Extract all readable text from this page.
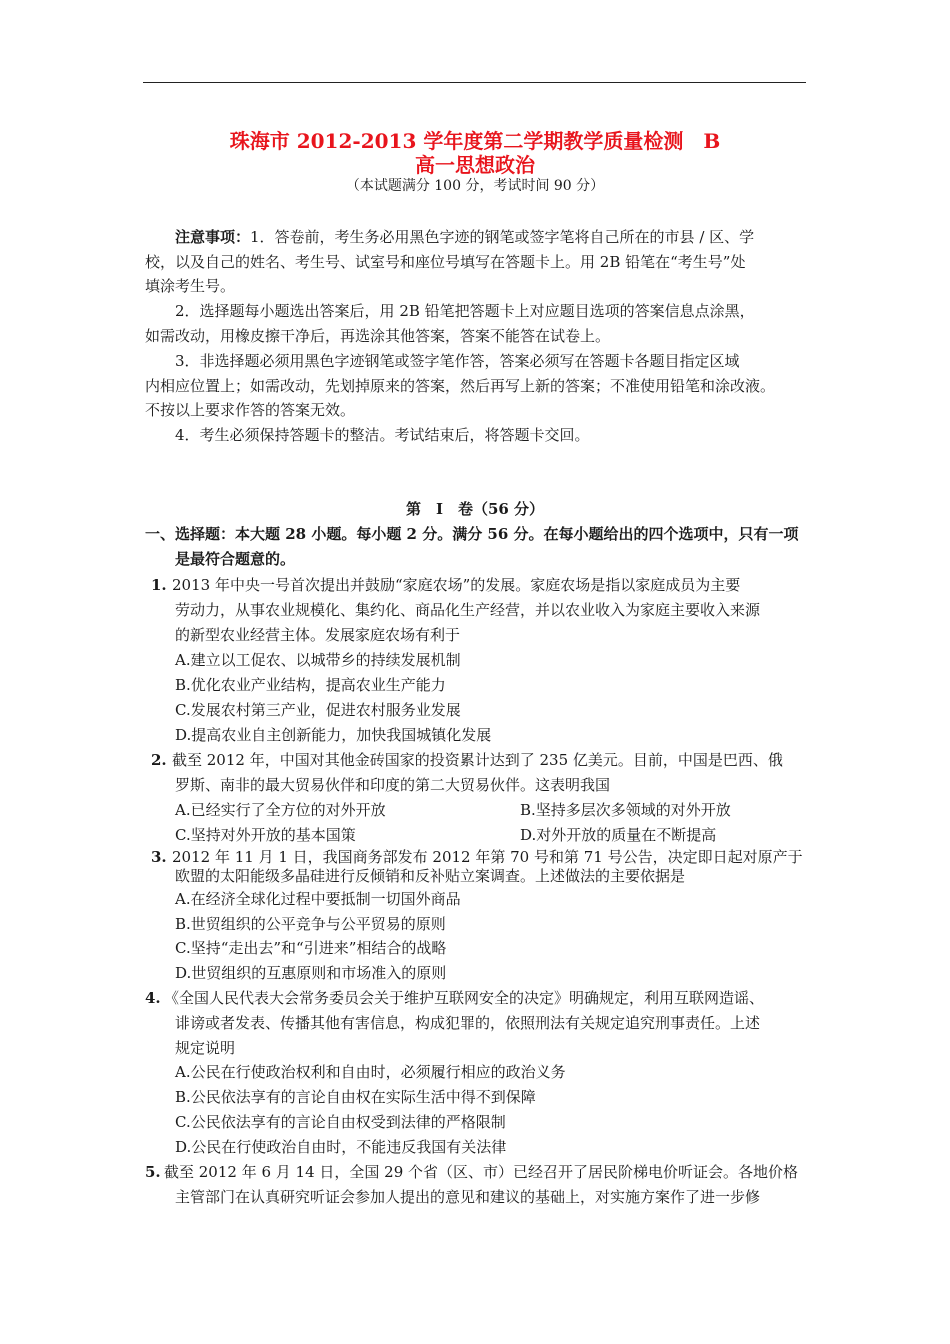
珠海市 2012-2013 学年度第二学期教学质量检测　B
高一思想政治
（本试题满分 100 分，考试时间 90 分）
注意事项：1．答卷前，考生务必用黑色字迹的钢笔或签字笔将自己所在的市县 / 区、学
校，以及自己的姓名、考生号、试室号和座位号填写在答题卡上。用 2B 铅笔在“考生号”处
填涂考生号。
2．选择题每小题选出答案后，用 2B 铅笔把答题卡上对应题目选项的答案信息点涂黑，
如需改动，用橡皮擦干净后，再选涂其他答案，答案不能答在试卷上。
3．非选择题必须用黑色字迹钢笔或签字笔作答，答案必须写在答题卡各题目指定区域
内相应位置上；如需改动，先划掉原来的答案，然后再写上新的答案；不准使用铅笔和涂改液。
不按以上要求作答的答案无效。
4．考生必须保持答题卡的整洁。考试结束后，将答题卡交回。
第　Ⅰ　卷（56 分）
一、选择题：本大题 28 小题。每小题 2 分。满分 56 分。在每小题给出的四个选项中，只有一项
是最符合题意的。
1. 2013 年中央一号首次提出并鼓励“家庭农场”的发展。家庭农场是指以家庭成员为主要
劳动力，从事农业规模化、集约化、商品化生产经营，并以农业收入为家庭主要收入来源
的新型农业经营主体。发展家庭农场有利于
A.建立以工促农、以城带乡的持续发展机制
B.优化农业产业结构，提高农业生产能力
C.发展农村第三产业，促进农村服务业发展
D.提高农业自主创新能力，加快我国城镇化发展
2. 截至 2012 年，中国对其他金砖国家的投资累计达到了 235 亿美元。目前，中国是巴西、俄
罗斯、南非的最大贸易伙伴和印度的第二大贸易伙伴。这表明我国
A.已经实行了全方位的对外开放	B.坚持多层次多领域的对外开放
C.坚持对外开放的基本国策	D.对外开放的质量在不断提高
3. 2012 年 11 月 1 日，我国商务部发布 2012 年第 70 号和第 71 号公告，决定即日起对原产于
欧盟的太阳能级多晶硅进行反倾销和反补贴立案调查。上述做法的主要依据是
A.在经济全球化过程中要抵制一切国外商品
B.世贸组织的公平竞争与公平贸易的原则
C.坚持“走出去”和“引进来”相结合的战略
D.世贸组织的互惠原则和市场准入的原则
4. 《全国人民代表大会常务委员会关于维护互联网安全的决定》明确规定，利用互联网造谣、
诽谤或者发表、传播其他有害信息，构成犯罪的，依照刑法有关规定追究刑事责任。上述
规定说明
A.公民在行使政治权利和自由时，必须履行相应的政治义务
B.公民依法享有的言论自由权在实际生活中得不到保障
C.公民依法享有的言论自由权受到法律的严格限制
D.公民在行使政治自由时，不能违反我国有关法律
5. 截至 2012 年 6 月 14 日，全国 29 个省（区、市）已经召开了居民阶梯电价听证会。各地价格
主管部门在认真研究听证会参加人提出的意见和建议的基础上，对实施方案作了进一步修
